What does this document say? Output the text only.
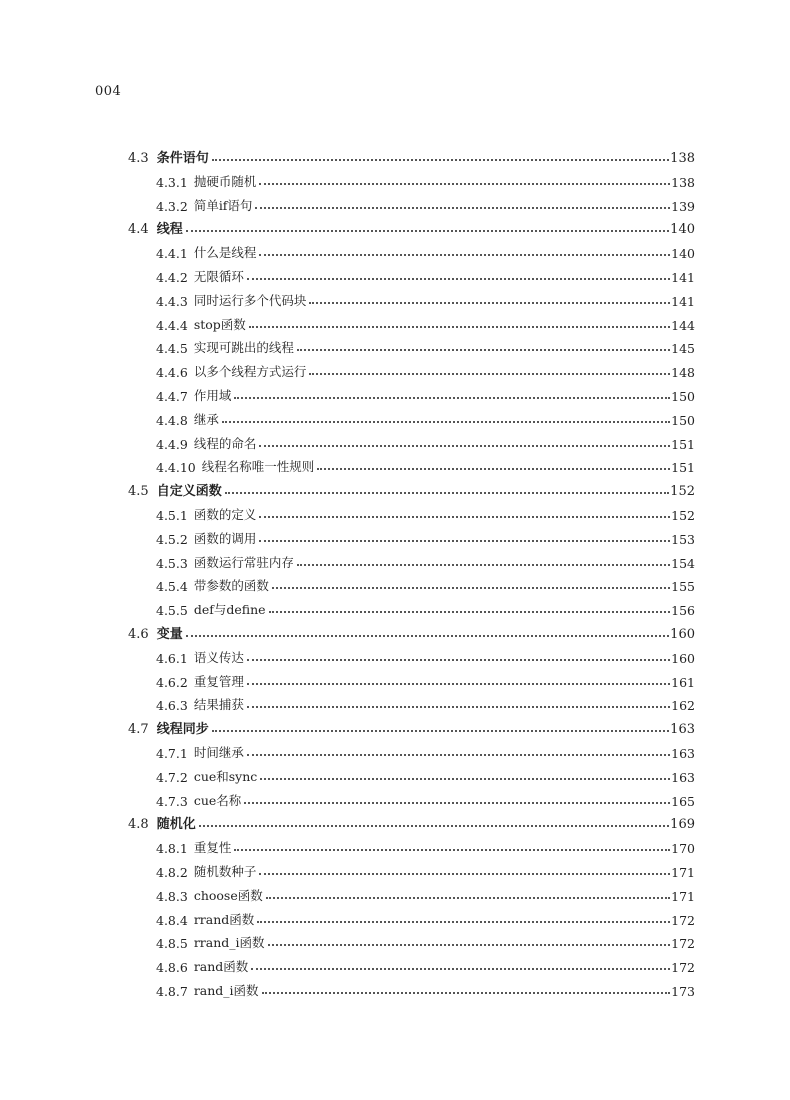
004
4.3 条件语句	138
4.3.1 抛硬币随机	138
4.3.2 简单if语句	139
4.4 线程	140
4.4.1 什么是线程	140
4.4.2 无限循环	141
4.4.3 同时运行多个代码块	141
4.4.4 stop函数	144
4.4.5 实现可跳出的线程	145
4.4.6 以多个线程方式运行	148
4.4.7 作用域	150
4.4.8 继承	150
4.4.9 线程的命名	151
4.4.10 线程名称唯一性规则	151
4.5 自定义函数	152
4.5.1 函数的定义	152
4.5.2 函数的调用	153
4.5.3 函数运行常驻内存	154
4.5.4 带参数的函数	155
4.5.5 def与define	156
4.6 变量	160
4.6.1 语义传达	160
4.6.2 重复管理	161
4.6.3 结果捕获	162
4.7 线程同步	163
4.7.1 时间继承	163
4.7.2 cue和sync	163
4.7.3 cue名称	165
4.8 随机化	169
4.8.1 重复性	170
4.8.2 随机数种子	171
4.8.3 choose函数	171
4.8.4 rrand函数	172
4.8.5 rrand_i函数	172
4.8.6 rand函数	172
4.8.7 rand_i函数	173
